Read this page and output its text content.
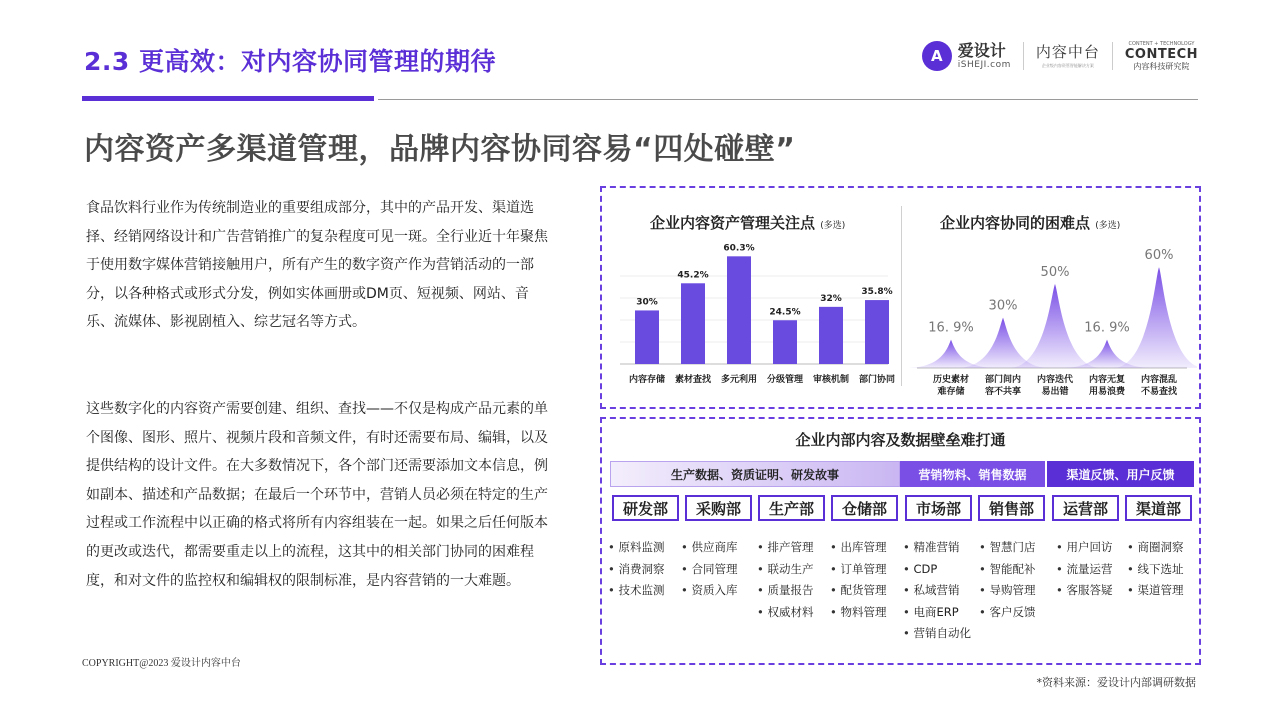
2.3 更高效：对内容协同管理的期待	A 爱设计
iSHEJI.com
内容中台
企业级内容资管智能解决方案
CONTENT + TECHNOLOGY
CONTECH
内容科技研究院
内容资产多渠道管理，品牌内容协同容易“四处碰壁”

食品饮料行业作为传统制造业的重要组成部分，其中的产品开发、渠道选择、经销网络设计和广告营销推广的复杂程度可见一斑。全行业近十年聚焦于使用数字媒体营销接触用户，所有产生的数字资产作为营销活动的一部分，以各种格式或形式分发，例如实体画册或DM页、短视频、网站、音乐、流媒体、影视剧植入、综艺冠名等方式。

这些数字化的内容资产需要创建、组织、查找——不仅是构成产品元素的单个图像、图形、照片、视频片段和音频文件，有时还需要布局、编辑，以及提供结构的设计文件。在大多数情况下，各个部门还需要添加文本信息，例如副本、描述和产品数据；在最后一个环节中，营销人员必须在特定的生产过程或工作流程中以正确的格式将所有内容组装在一起。如果之后任何版本的更改或迭代，都需要重走以上的流程，这其中的相关部门协同的困难程度，和对文件的监控权和编辑权的限制标准，是内容营销的一大难题。

企业内容资产管理关注点 (多选)
30%
内容存储
45.2%
素材查找
60.3%
多元利用
24.5%
分级管理
32%
审核机制
35.8%
部门协同
企业内容协同的困难点 (多选)
16. 9%
历史素材
难存储
30%
部门间内
容不共享
50%
内容迭代
易出错
16. 9%
内容无复
用易浪费
60%
内容混乱
不易查找
企业内部内容及数据壁垒难打通
生产数据、资质证明、研发故事	营销物料、销售数据	渠道反馈、用户反馈
研发部	采购部	生产部	仓储部	市场部	销售部	运营部	渠道部
• 原料监测
• 消费洞察
• 技术监测
• 供应商库
• 合同管理
• 资质入库
• 排产管理
• 联动生产
• 质量报告
• 权威材料
• 出库管理
• 订单管理
• 配货管理
• 物料管理
• 精准营销
• CDP
• 私域营销
• 电商ERP
• 营销自动化
• 智慧门店
• 智能配补
• 导购管理
• 客户反馈
• 用户回访
• 流量运营
• 客服答疑
• 商圈洞察
• 线下选址
• 渠道管理
COPYRIGHT@2023 爱设计内容中台
*资料来源：爱设计内部调研数据
